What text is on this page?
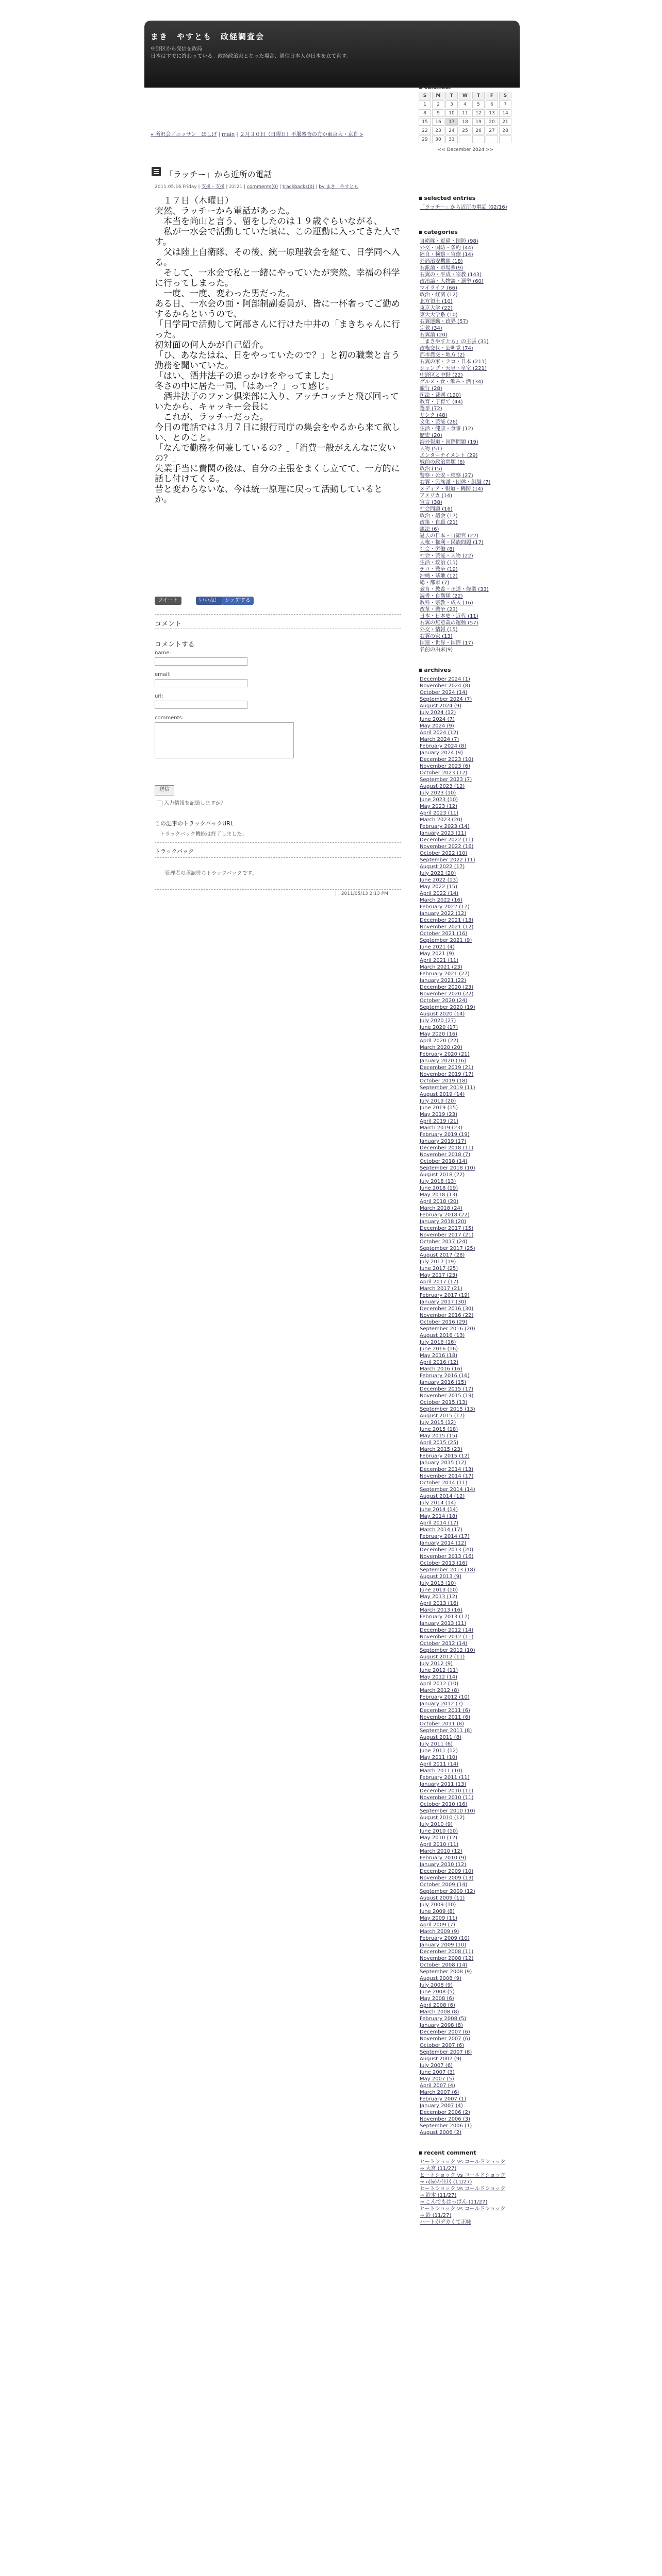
まき　やすとも　政経調査会
中野区から発信を政局
日本はすでに終わっている。政経政治家となった場合、通信日本人が日本を立て直す。
« 所沢会／ニッサン　ほしげ | main | ２月３０日（日曜日）不服審査の方か東京大・京自 »
「ラッチー」から近所の電話
2011.05.16 Friday | 支援・支援 | 22:21 | comments(0) | trackbacks(0) | by まき　やすとも

　１７日（木曜日）

突然、ラッチーから電話があった。

　本当を尚山と言う、留をしたのは１９歳ぐらいながる、

　私が一水会で活動していた頃に、この運動に入ってきた人です。

　父は陸上自衛隊、その後、統一原理教会を経て、日学同へ入る。

　そして、一水会で私と一緒にやっていたが突然、幸福の科学に行ってしまった。

　一度、一度、変わった男だった。

ある日、一水会の面・阿部制副委員が、皆に一杯奢ってご勤めするからというので、

「日学同で活動して阿部さんに行けた中井の「まきちゃんに行った。

初対面の何人かが自己紹介。

「ひ、あなたはね、日をやっていたので？」と初の職業と言う勤務を聞いていた。

「はい、酒井法子の追っかけをやってました」

冬さの中に居た一同、「はあー？」って感じ。

　酒井法子のファン倶楽部に入り、アッチコッチと飛び回っていたから、キャッキー会長に

　これが、ラッチーだった。

今日の電話では３月７日に銀行司庁の集会をやるから来て欲しい、とのこと。

「なんで勤務を何兼しているの？」「消費一般がえんなに安いの？」

失業手当に費関の後は、自分の主張をまくし立てて、一方的に話し付けてくる。

昔と変わらないな、今は統一原理に戻って活動していると

か。

ツイート	いいね！	シェアする
コメント
コメントする
name:
email:
url:
comments:
送信
入力情報を記憶しますか？
この記事のトラックバックURL
トラックバック機能は終了しました。
トラックバック
管理者の承認待ちトラックバックです。
| | 2011/05/13 2:13 PM
■ calendar
S	M	T	W	T	F	S
1	2	3	4	5	6	7
8	9	10	11	12	13	14
15	16	17	18	19	20	21
22	23	24	25	26	27	28
29	30	31
<< December 2024 >>
■ selected entries
「ラッチー」から近所の電話 (02/16)
■ categories
自衛隊・軍備・国防 (98)
外交・国防・条約 (44)
陸自・検察・官僚 (14)
外局治安機関 (18)
右派論・市場系(9)
右翼の・平成・宗教 (143)
政治論・人物論・選挙 (60)
マイライフ (66)
政治・経済 (12)
北方領土 (10)
東京大学 (22)
東大大学系 (10)
右翼運動・政界 (57)
宗教 (34)
右翼論 (20)
「まきやすとも」の主張 (31)
政権交代・公明党 (74)
都市農交・地方 (2)
右翼の家・テロ・日本 (211)
シャンプ・天皇・皇室 (221)
中野区と中野 (22)
グルメ・食・飲み・酒 (34)
旅行 (28)
司法・裁判 (120)
教育・子育て (44)
選挙 (72)
リンク (48)
文化・芸能 (26)
生活・健康・食事 (12)
歴史 (20)
海外報道・国際問題 (19)
人物 (51)
エンターテイメント (29)
戦前の政治問題 (6)
政治 (15)
警察・公安・検察 (27)
右翼・民族派・団体・組織 (7)
メディア・報道・機関 (14)
アメリカ (14)
宣言 (38)
社会問題 (16)
政治・議会 (17)
政策・自殺 (21)
憲法 (6)
過去の日本・自衛官 (22)
人権・権利・民族問題 (17)
社会・労働 (8)
社会・芸能・人物 (22)
生活・政治 (11)
テロ・戦争 (19)
沖縄・基地 (12)
総・都市 (7)
教育・教養・正道・修業 (33)
読書・自衛隊 (22)
教科・宗教・成入 (16)
改革・戦争 (23)
日本・日本史・近代 (11)
右翼の無意義の運動 (57)
外交・情報 (15)
右翼の家 (13)
国連・世界・国際 (17)
名前の由来(9)
■ archives
December 2024 (1)
November 2024 (8)
October 2024 (14)
September 2024 (7)
August 2024 (9)
July 2024 (12)
June 2024 (7)
May 2024 (9)
April 2024 (12)
March 2024 (7)
February 2024 (8)
January 2024 (9)
December 2023 (10)
November 2023 (6)
October 2023 (12)
September 2023 (7)
August 2023 (12)
July 2023 (10)
June 2023 (10)
May 2023 (12)
April 2023 (11)
March 2023 (20)
February 2023 (14)
January 2023 (11)
December 2022 (11)
November 2022 (16)
October 2022 (10)
September 2022 (11)
August 2022 (17)
July 2022 (20)
June 2022 (13)
May 2022 (15)
April 2022 (14)
March 2022 (16)
February 2022 (17)
January 2022 (12)
December 2021 (13)
November 2021 (12)
October 2021 (16)
September 2021 (9)
June 2021 (4)
May 2021 (9)
April 2021 (11)
March 2021 (23)
February 2021 (27)
January 2021 (22)
December 2020 (23)
November 2020 (22)
October 2020 (24)
September 2020 (19)
August 2020 (14)
July 2020 (27)
June 2020 (17)
May 2020 (16)
April 2020 (22)
March 2020 (20)
February 2020 (21)
January 2020 (16)
December 2019 (21)
November 2019 (17)
October 2019 (18)
September 2019 (11)
August 2019 (14)
July 2019 (20)
June 2019 (15)
May 2019 (23)
April 2019 (21)
March 2019 (23)
February 2019 (19)
January 2019 (17)
December 2018 (11)
November 2018 (7)
October 2018 (14)
September 2018 (10)
August 2018 (22)
July 2018 (13)
June 2018 (19)
May 2018 (13)
April 2018 (20)
March 2018 (24)
February 2018 (22)
January 2018 (20)
December 2017 (15)
November 2017 (21)
October 2017 (24)
September 2017 (25)
August 2017 (28)
July 2017 (19)
June 2017 (25)
May 2017 (23)
April 2017 (17)
March 2017 (21)
February 2017 (19)
January 2017 (30)
December 2016 (30)
November 2016 (22)
October 2016 (29)
September 2016 (20)
August 2016 (13)
July 2016 (16)
June 2016 (16)
May 2016 (18)
April 2016 (12)
March 2016 (16)
February 2016 (16)
January 2016 (15)
December 2015 (17)
November 2015 (19)
October 2015 (13)
September 2015 (13)
August 2015 (17)
July 2015 (12)
June 2015 (18)
May 2015 (15)
April 2015 (25)
March 2015 (23)
February 2015 (12)
January 2015 (12)
December 2014 (13)
November 2014 (17)
October 2014 (11)
September 2014 (14)
August 2014 (12)
July 2014 (14)
June 2014 (14)
May 2014 (18)
April 2014 (17)
March 2014 (17)
February 2014 (17)
January 2014 (12)
December 2013 (20)
November 2013 (16)
October 2013 (16)
September 2013 (18)
August 2013 (9)
July 2013 (10)
June 2013 (10)
May 2013 (12)
April 2013 (16)
March 2013 (16)
February 2013 (17)
January 2013 (11)
December 2012 (14)
November 2012 (11)
October 2012 (14)
September 2012 (10)
August 2012 (11)
July 2012 (9)
June 2012 (11)
May 2012 (14)
April 2012 (10)
March 2012 (8)
February 2012 (10)
January 2012 (7)
December 2011 (6)
November 2011 (6)
October 2011 (8)
September 2011 (8)
August 2011 (8)
July 2011 (6)
June 2011 (12)
May 2011 (10)
April 2011 (14)
March 2011 (10)
February 2011 (11)
January 2011 (13)
December 2010 (11)
November 2010 (11)
October 2010 (16)
September 2010 (10)
August 2010 (12)
July 2010 (9)
June 2010 (10)
May 2010 (12)
April 2010 (11)
March 2010 (12)
February 2010 (9)
January 2010 (12)
December 2009 (10)
November 2009 (13)
October 2009 (14)
September 2009 (12)
August 2009 (11)
July 2009 (10)
June 2009 (8)
May 2009 (11)
April 2009 (7)
March 2009 (9)
February 2009 (10)
January 2009 (10)
December 2008 (11)
November 2008 (12)
October 2008 (14)
September 2008 (9)
August 2008 (9)
July 2008 (9)
June 2008 (5)
May 2008 (6)
April 2008 (6)
March 2008 (8)
February 2008 (5)
January 2008 (8)
December 2007 (6)
November 2007 (6)
October 2007 (6)
September 2007 (8)
August 2007 (9)
July 2007 (6)
June 2007 (3)
May 2007 (5)
April 2007 (4)
March 2007 (6)
February 2007 (1)
January 2007 (4)
December 2006 (2)
November 2006 (3)
September 2006 (1)
August 2006 (2)
■ recent comment
ヒートショック vs コールドショック
→ 大宮 (11/27)
ヒートショック vs コールドショック
→ 司屋の住居 (11/27)
ヒートショック vs コールドショック
→ 鈴木 (11/27)
→ こんでもはっぱん (11/27)
ヒートショック vs コールドショック
→ 鈴 (11/27)
ハートがデカくて正味
